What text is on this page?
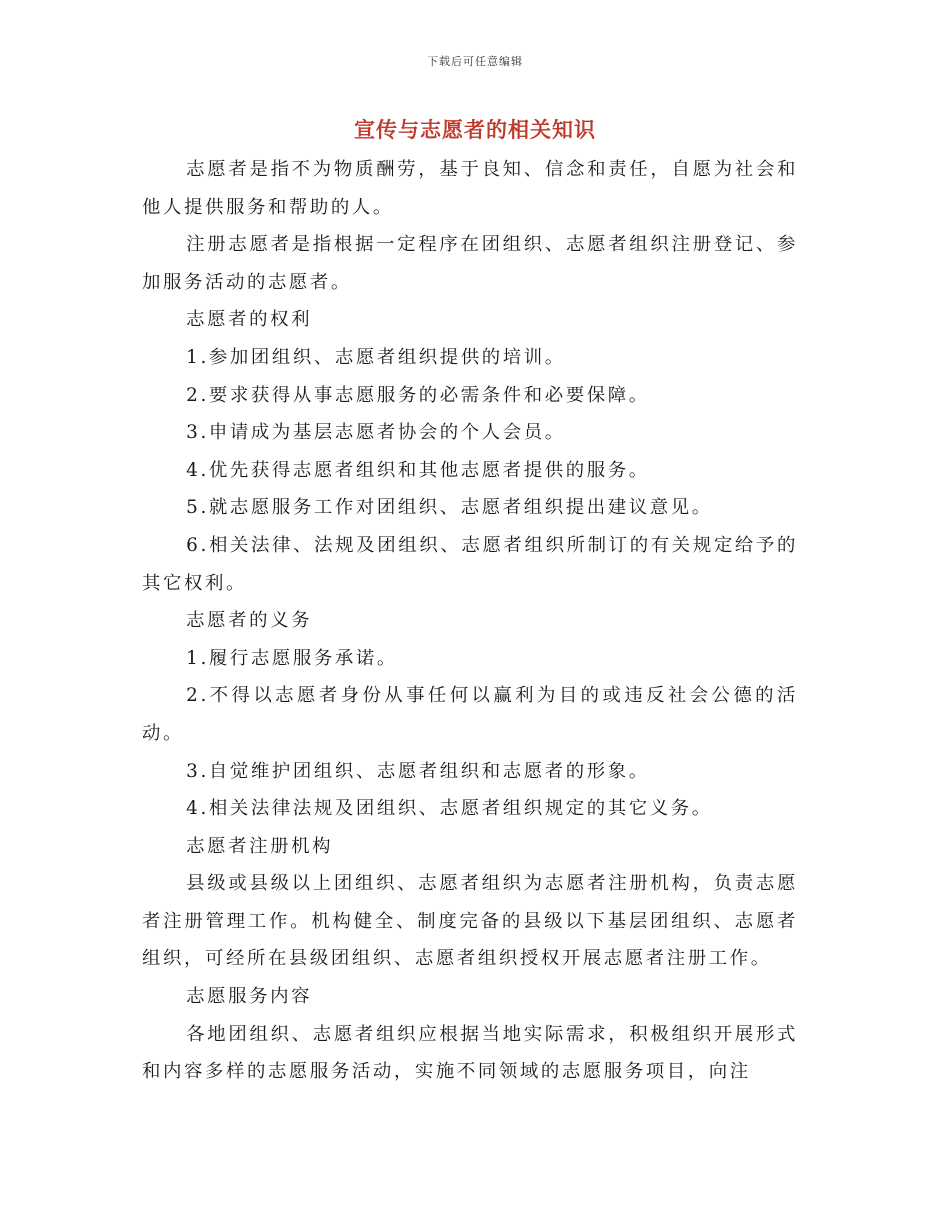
下载后可任意编辑
宣传与志愿者的相关知识

志愿者是指不为物质酬劳，基于良知、信念和责任，自愿为社会和他人提供服务和帮助的人。

注册志愿者是指根据一定程序在团组织、志愿者组织注册登记、参加服务活动的志愿者。

志愿者的权利

1.参加团组织、志愿者组织提供的培训。

2.要求获得从事志愿服务的必需条件和必要保障。

3.申请成为基层志愿者协会的个人会员。

4.优先获得志愿者组织和其他志愿者提供的服务。

5.就志愿服务工作对团组织、志愿者组织提出建议意见。

6.相关法律、法规及团组织、志愿者组织所制订的有关规定给予的其它权利。

志愿者的义务

1.履行志愿服务承诺。

2.不得以志愿者身份从事任何以赢利为目的或违反社会公德的活动。

3.自觉维护团组织、志愿者组织和志愿者的形象。

4.相关法律法规及团组织、志愿者组织规定的其它义务。

志愿者注册机构

县级或县级以上团组织、志愿者组织为志愿者注册机构，负责志愿者注册管理工作。机构健全、制度完备的县级以下基层团组织、志愿者组织，可经所在县级团组织、志愿者组织授权开展志愿者注册工作。

志愿服务内容

各地团组织、志愿者组织应根据当地实际需求，积极组织开展形式和内容多样的志愿服务活动，实施不同领域的志愿服务项目，向注
